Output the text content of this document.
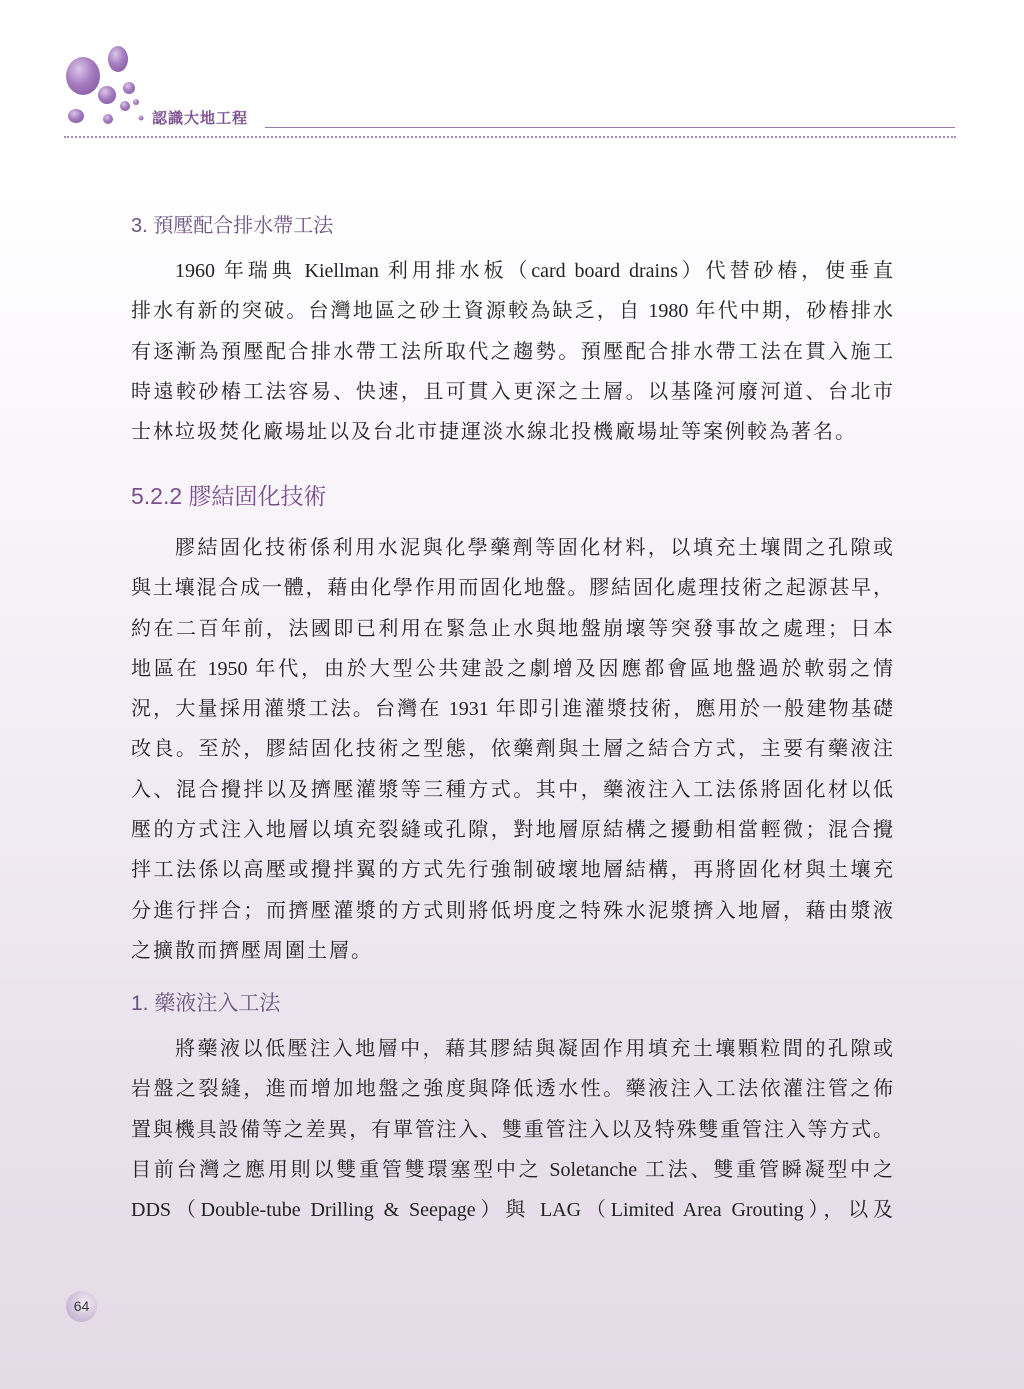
認識大地工程
3. 預壓配合排水帶工法
1960 年瑞典 Kiellman 利用排水板（card board drains）代替砂樁，使垂直
排水有新的突破。台灣地區之砂土資源較為缺乏，自 1980 年代中期，砂樁排水
有逐漸為預壓配合排水帶工法所取代之趨勢。預壓配合排水帶工法在貫入施工
時遠較砂樁工法容易、快速，且可貫入更深之土層。以基隆河廢河道、台北市
士林垃圾焚化廠場址以及台北市捷運淡水線北投機廠場址等案例較為著名。
5.2.2 膠結固化技術
膠結固化技術係利用水泥與化學藥劑等固化材料，以填充土壤間之孔隙或
與土壤混合成一體，藉由化學作用而固化地盤。膠結固化處理技術之起源甚早，
約在二百年前，法國即已利用在緊急止水與地盤崩壞等突發事故之處理；日本
地區在 1950 年代，由於大型公共建設之劇增及因應都會區地盤過於軟弱之情
況，大量採用灌漿工法。台灣在 1931 年即引進灌漿技術，應用於一般建物基礎
改良。至於，膠結固化技術之型態，依藥劑與土層之結合方式，主要有藥液注
入、混合攪拌以及擠壓灌漿等三種方式。其中，藥液注入工法係將固化材以低
壓的方式注入地層以填充裂縫或孔隙，對地層原結構之擾動相當輕微；混合攪
拌工法係以高壓或攪拌翼的方式先行強制破壞地層結構，再將固化材與土壤充
分進行拌合；而擠壓灌漿的方式則將低坍度之特殊水泥漿擠入地層，藉由漿液
之擴散而擠壓周圍土層。
1. 藥液注入工法
將藥液以低壓注入地層中，藉其膠結與凝固作用填充土壤顆粒間的孔隙或
岩盤之裂縫，進而增加地盤之強度與降低透水性。藥液注入工法依灌注管之佈
置與機具設備等之差異，有單管注入、雙重管注入以及特殊雙重管注入等方式。
目前台灣之應用則以雙重管雙環塞型中之 Soletanche 工法、雙重管瞬凝型中之
DDS（Double-tube Drilling & Seepage）與 LAG（Limited Area Grouting），以及
64
